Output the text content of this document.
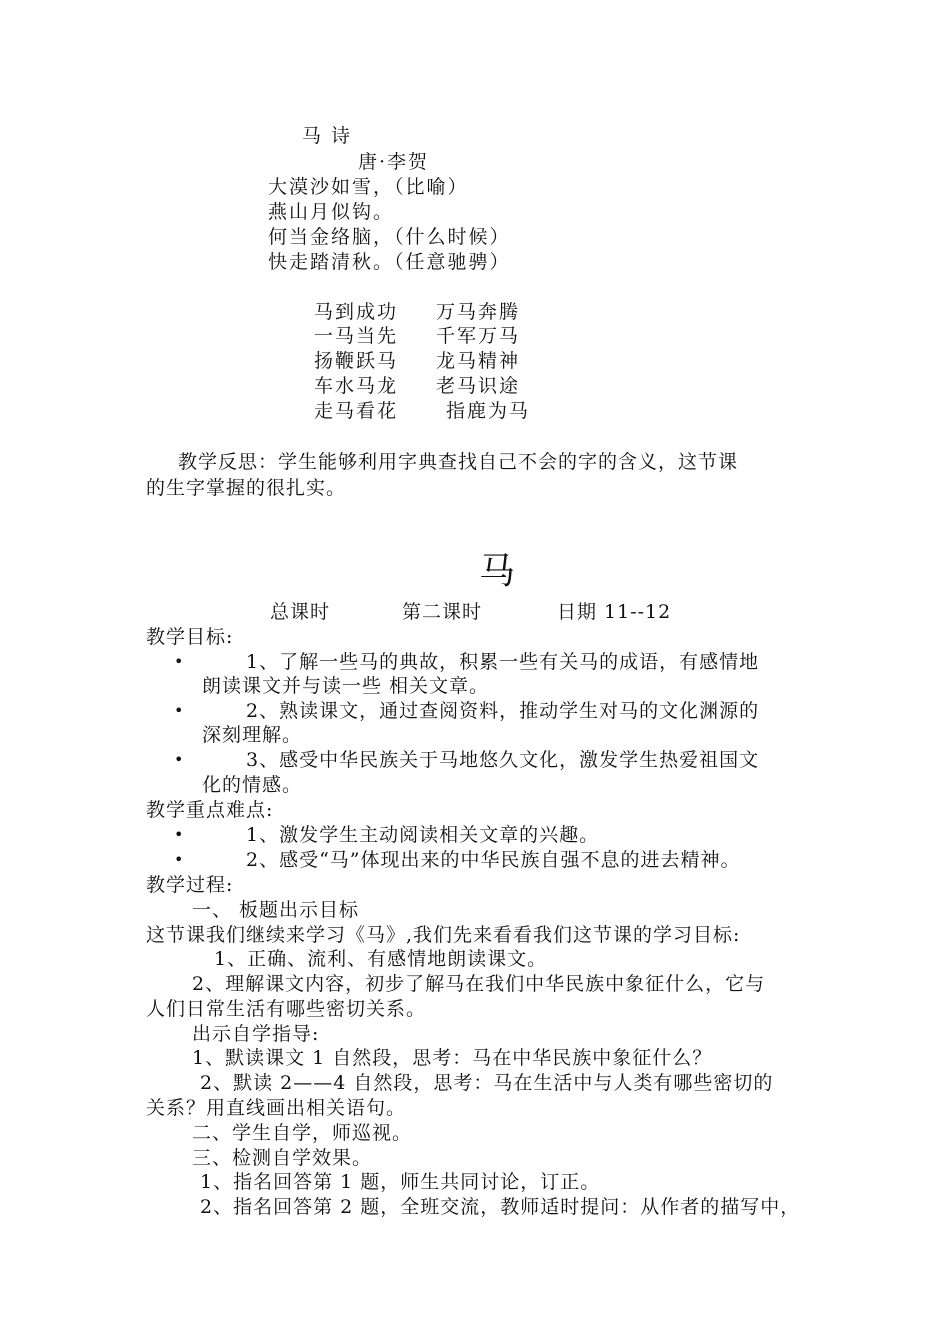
马 诗
唐·李贺
大漠沙如雪，（比喻）
燕山月似钩。
何当金络脑，（什么时候）
快走踏清秋。（任意驰骋）
马到成功 万马奔腾
一马当先 千军万马
扬鞭跃马 龙马精神
车水马龙 老马识途
走马看花	指鹿为马
教学反思：学生能够利用字典查找自己不会的字的含义，这节课
的生字掌握的很扎实。
马
总课时	第二课时	日期 11--12
教学目标:
•	1、了解一些马的典故，积累一些有关马的成语，有感情地
朗读课文并与读一些 相关文章。
•	2、熟读课文，通过查阅资料，推动学生对马的文化渊源的
深刻理解。
•	3、感受中华民族关于马地悠久文化，激发学生热爱祖国文
化的情感。
教学重点难点:
•	1、激发学生主动阅读相关文章的兴趣。
•	2、感受“马”体现出来的中华民族自强不息的进去精神。
教学过程:
一、 板题出示目标
这节课我们继续来学习《马》,我们先来看看我们这节课的学习目标:
1、正确、流利、有感情地朗读课文。
2、理解课文内容，初步了解马在我们中华民族中象征什么，它与
人们日常生活有哪些密切关系。
出示自学指导:
1、默读课文 1 自然段，思考：马在中华民族中象征什么？
2、默读 2——4 自然段，思考：马在生活中与人类有哪些密切的
关系？用直线画出相关语句。
二、学生自学，师巡视。
三、检测自学效果。
1、指名回答第 1 题，师生共同讨论，订正。
2、指名回答第 2 题，全班交流，教师适时提问：从作者的描写中，
